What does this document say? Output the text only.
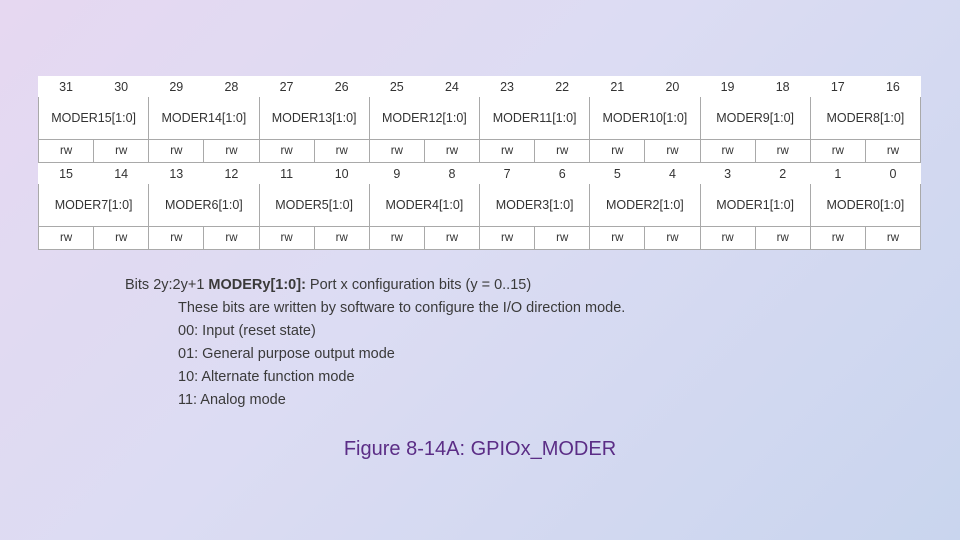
31	30	29	28	27	26	25	24	23	22	21	20	19	18	17	16
MODER15[1:0]		MODER14[1:0]		MODER13[1:0]		MODER12[1:0]		MODER11[1:0]		MODER10[1:0]		MODER9[1:0]		MODER8[1:0]	
rw	rw	rw	rw	rw	rw	rw	rw	rw	rw	rw	rw	rw	rw	rw	rw
15	14	13	12	11	10	9	8	7	6	5	4	3	2	1	0
MODER7[1:0]		MODER6[1:0]		MODER5[1:0]		MODER4[1:0]		MODER3[1:0]		MODER2[1:0]		MODER1[1:0]		MODER0[1:0]	
rw	rw	rw	rw	rw	rw	rw	rw	rw	rw	rw	rw	rw	rw	rw	rw
Bits 2y:2y+1 MODERy[1:0]: Port x configuration bits (y = 0..15)
These bits are written by software to configure the I/O direction mode.
00: Input (reset state)
01: General purpose output mode
10: Alternate function mode
11: Analog mode
Figure 8-14A: GPIOx_MODER
